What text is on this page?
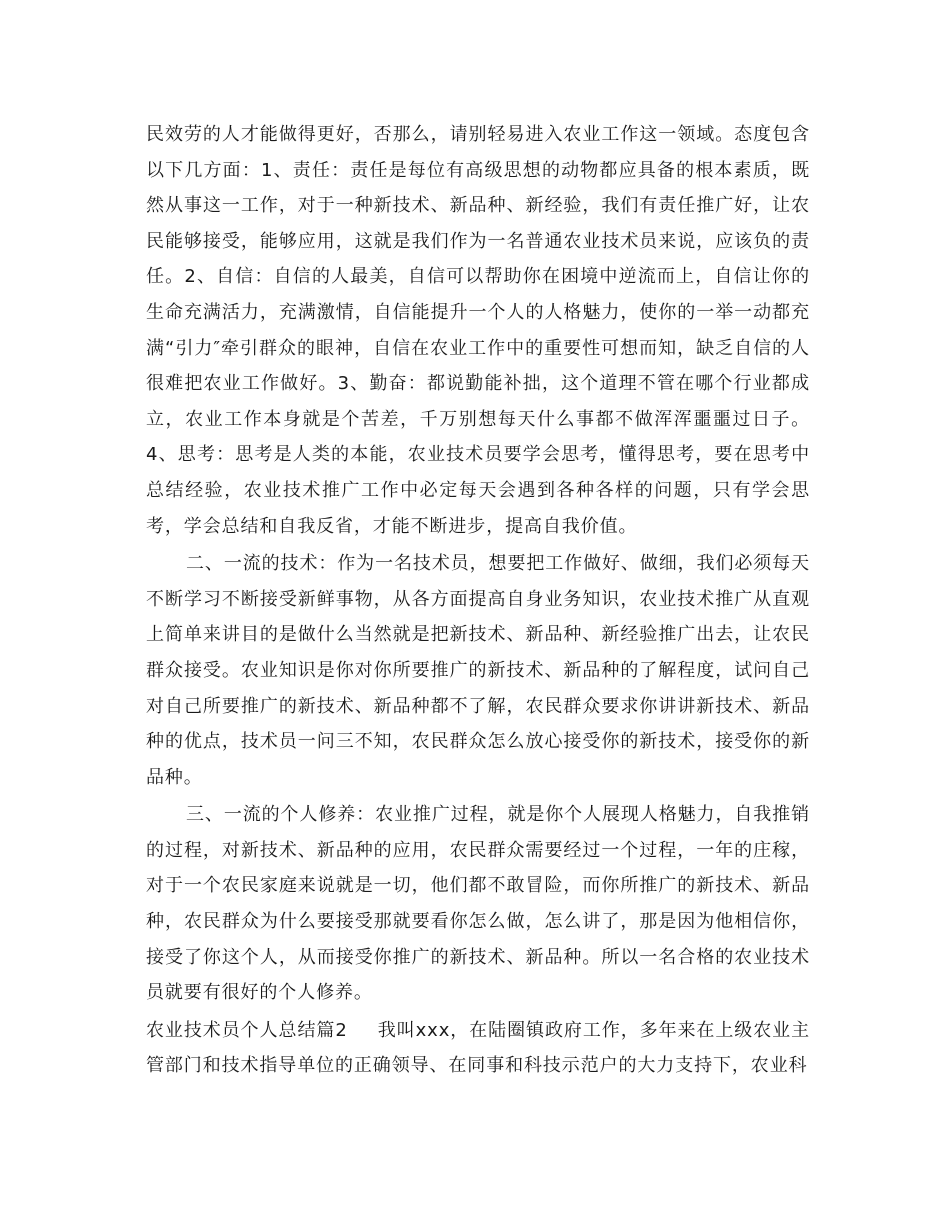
民效劳的人才能做得更好，否那么，请别轻易进入农业工作这一领域。态度包含以下几方面：1、责任：责任是每位有高级思想的动物都应具备的根本素质，既然从事这一工作，对于一种新技术、新品种、新经验，我们有责任推广好，让农民能够接受，能够应用，这就是我们作为一名普通农业技术员来说，应该负的责任。2、自信：自信的人最美，自信可以帮助你在困境中逆流而上，自信让你的生命充满活力，充满激情，自信能提升一个人的人格魅力，使你的一举一动都充满“引力″牵引群众的眼神，自信在农业工作中的重要性可想而知，缺乏自信的人很难把农业工作做好。3、勤奋：都说勤能补拙，这个道理不管在哪个行业都成立，农业工作本身就是个苦差，千万别想每天什么事都不做浑浑噩噩过日子。4、思考：思考是人类的本能，农业技术员要学会思考，懂得思考，要在思考中总结经验，农业技术推广工作中必定每天会遇到各种各样的问题，只有学会思考，学会总结和自我反省，才能不断进步，提高自我价值。

二、一流的技术：作为一名技术员，想要把工作做好、做细，我们必须每天不断学习不断接受新鲜事物，从各方面提高自身业务知识，农业技术推广从直观上简单来讲目的是做什么当然就是把新技术、新品种、新经验推广出去，让农民群众接受。农业知识是你对你所要推广的新技术、新品种的了解程度，试问自己对自己所要推广的新技术、新品种都不了解，农民群众要求你讲讲新技术、新品种的优点，技术员一问三不知，农民群众怎么放心接受你的新技术，接受你的新品种。

三、一流的个人修养：农业推广过程，就是你个人展现人格魅力，自我推销的过程，对新技术、新品种的应用，农民群众需要经过一个过程，一年的庄稼，对于一个农民家庭来说就是一切，他们都不敢冒险，而你所推广的新技术、新品种，农民群众为什么要接受那就要看你怎么做，怎么讲了，那是因为他相信你，接受了你这个人，从而接受你推广的新技术、新品种。所以一名合格的农业技术员就要有很好的个人修养。

农业技术员个人总结篇2 我叫xxx，在陆圈镇政府工作，多年来在上级农业主管部门和技术指导单位的正确领导、在同事和科技示范户的大力支持下，农业科
